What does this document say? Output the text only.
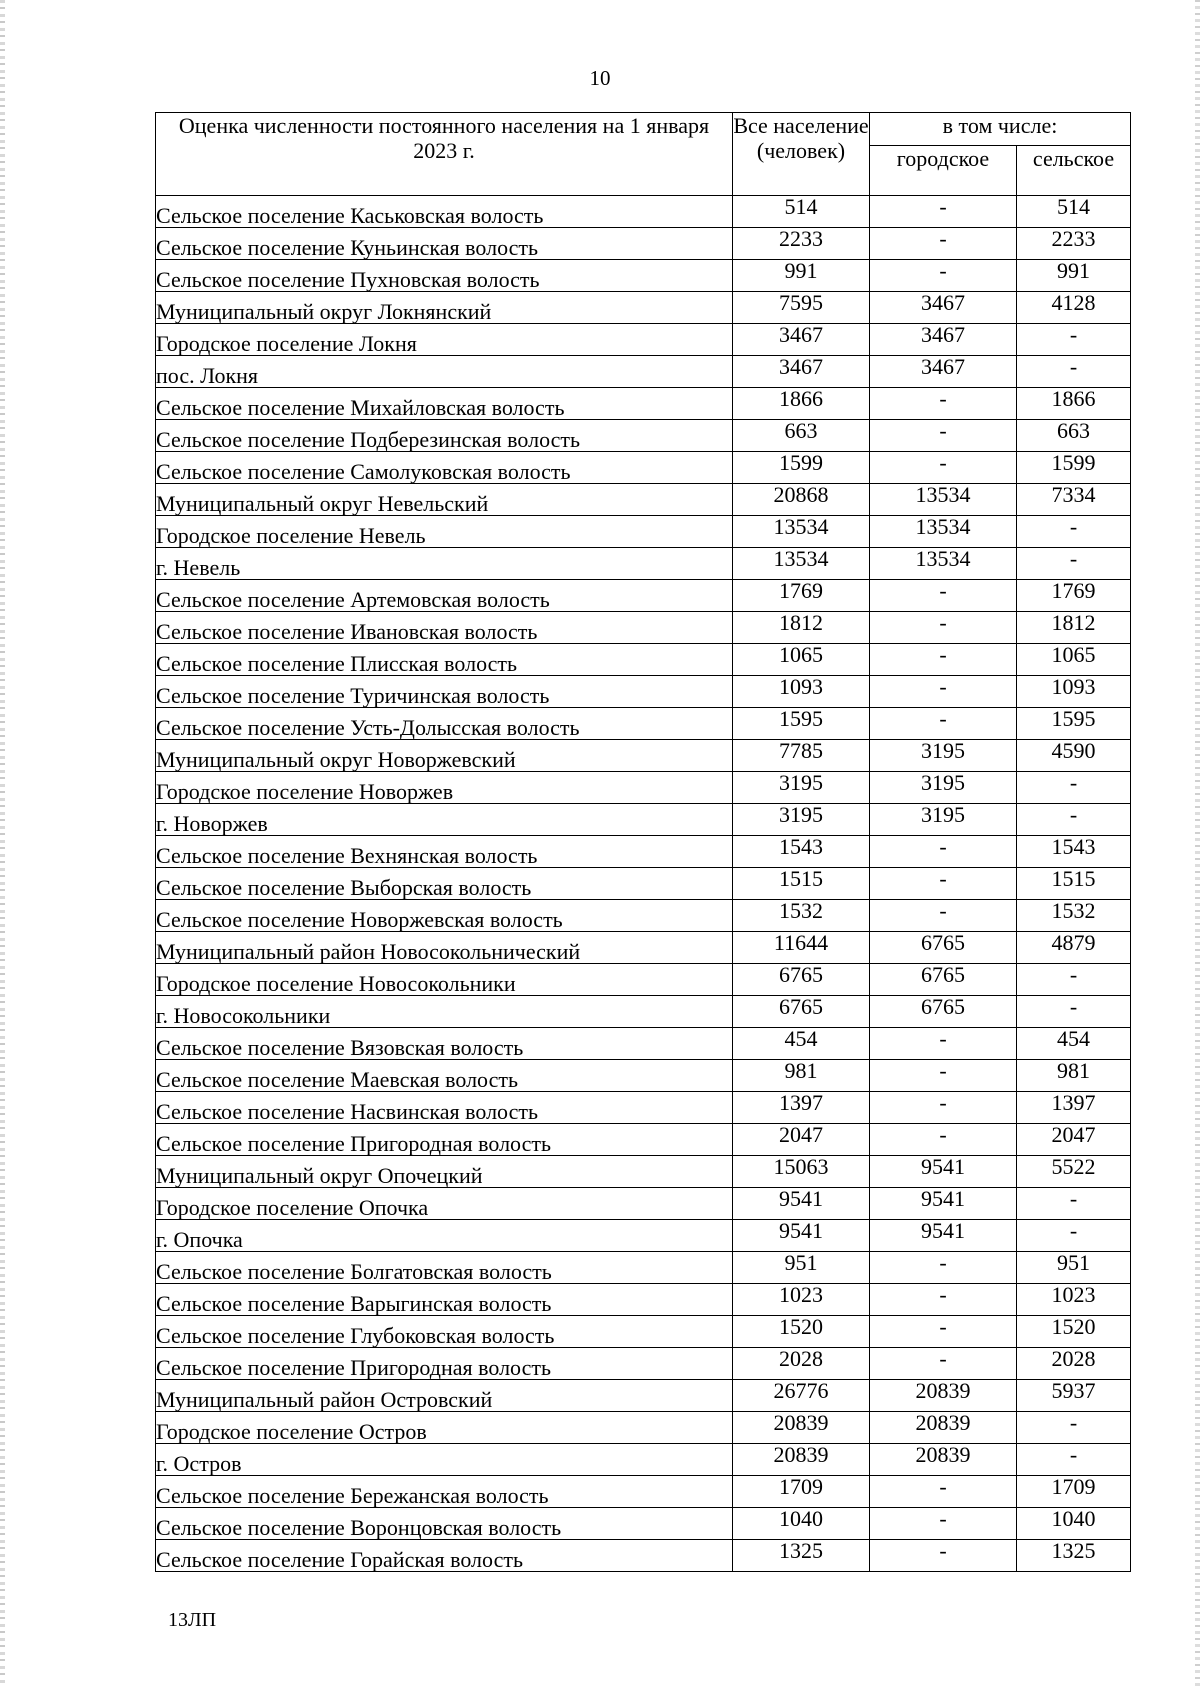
10
Оценка численности постоянного населения на 1 января 2023 г.	Все население (человек)	в том числе:	
		городское	сельское
Сельское поселение Каськовская волость	514	-	514
Сельское поселение Куньинская волость	2233	-	2233
Сельское поселение Пухновская волость	991	-	991
Муниципальный округ Локнянский	7595	3467	4128
Городское поселение Локня	3467	3467	-
пос. Локня	3467	3467	-
Сельское поселение Михайловская волость	1866	-	1866
Сельское поселение Подберезинская волость	663	-	663
Сельское поселение Самолуковская волость	1599	-	1599
Муниципальный округ Невельский	20868	13534	7334
Городское поселение Невель	13534	13534	-
г. Невель	13534	13534	-
Сельское поселение Артемовская волость	1769	-	1769
Сельское поселение Ивановская волость	1812	-	1812
Сельское поселение Плисская волость	1065	-	1065
Сельское поселение Туричинская волость	1093	-	1093
Сельское поселение Усть-Долысская волость	1595	-	1595
Муниципальный округ Новоржевский	7785	3195	4590
Городское поселение Новоржев	3195	3195	-
г. Новоржев	3195	3195	-
Сельское поселение Вехнянская волость	1543	-	1543
Сельское поселение Выборская волость	1515	-	1515
Сельское поселение Новоржевская волость	1532	-	1532
Муниципальный район Новосокольнический	11644	6765	4879
Городское поселение Новосокольники	6765	6765	-
г. Новосокольники	6765	6765	-
Сельское поселение Вязовская волость	454	-	454
Сельское поселение Маевская волость	981	-	981
Сельское поселение Насвинская волость	1397	-	1397
Сельское поселение Пригородная волость	2047	-	2047
Муниципальный округ Опочецкий	15063	9541	5522
Городское поселение Опочка	9541	9541	-
г. Опочка	9541	9541	-
Сельское поселение Болгатовская волость	951	-	951
Сельское поселение Варыгинская волость	1023	-	1023
Сельское поселение Глубоковская волость	1520	-	1520
Сельское поселение Пригородная волость	2028	-	2028
Муниципальный район Островский	26776	20839	5937
Городское поселение Остров	20839	20839	-
г. Остров	20839	20839	-
Сельское поселение Бережанская волость	1709	-	1709
Сельское поселение Воронцовская волость	1040	-	1040
Сельское поселение Горайская волость	1325	-	1325
13ЛП
